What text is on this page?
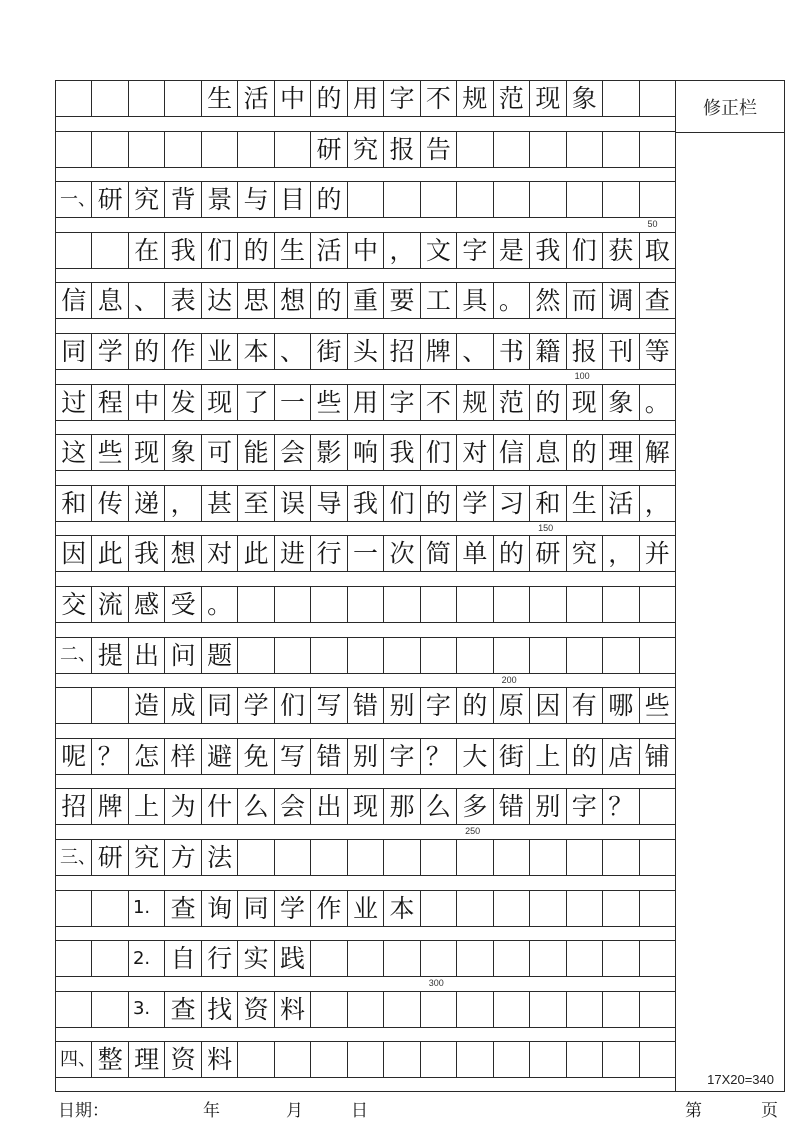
生 活 中 的 用 字 不 规 范 现 象
研 究 报 告
一、 研 究 背 景 与 目 的
在 我 们 的 生 活 中 ， 文 字 是 我 们 获 取
信 息 、 表 达 思 想 的 重 要 工 具 。 然 而 调 查
同 学 的 作 业 本 、 街 头 招 牌 、 书 籍 报 刊 等
过 程 中 发 现 了 一 些 用 字 不 规 范 的 现 象 。
这 些 现 象 可 能 会 影 响 我 们 对 信 息 的 理 解
和 传 递 ， 甚 至 误 导 我 们 的 学 习 和 生 活 ，
因 此 我 想 对 此 进 行 一 次 简 单 的 研 究 ， 并
交 流 感 受 。
二、 提 出 问 题
造 成 同 学 们 写 错 别 字 的 原 因 有 哪 些
呢 ？ 怎 样 避 免 写 错 别 字 ？ 大 街 上 的 店 铺
招 牌 上 为 什 么 会 出 现 那 么 多 错 别 字 ？
三、 研 究 方 法
1. 查 询 同 学 作 业 本
2. 自 行 实 践
3. 查 找 资 料
四、 整 理 资 料
50
100
150
200
250
300
修正栏
17X20=340
日期：	年	月	日	第	页
